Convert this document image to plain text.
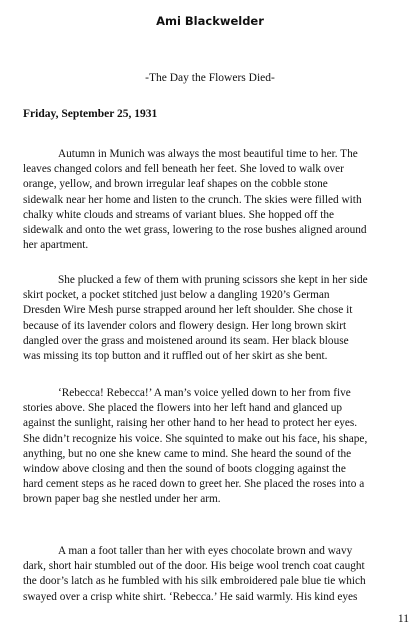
Ami Blackwelder
-The Day the Flowers Died-
Friday, September 25, 1931
Autumn in Munich was always the most beautiful time to her. The
leaves changed colors and fell beneath her feet. She loved to walk over
orange, yellow, and brown irregular leaf shapes on the cobble stone
sidewalk near her home and listen to the crunch. The skies were filled with
chalky white clouds and streams of variant blues. She hopped off the
sidewalk and onto the wet grass, lowering to the rose bushes aligned around
her apartment.
She plucked a few of them with pruning scissors she kept in her side
skirt pocket, a pocket stitched just below a dangling 1920’s German
Dresden Wire Mesh purse strapped around her left shoulder. She chose it
because of its lavender colors and flowery design. Her long brown skirt
dangled over the grass and moistened around its seam. Her black blouse
was missing its top button and it ruffled out of her skirt as she bent.
‘Rebecca! Rebecca!’ A man’s voice yelled down to her from five
stories above. She placed the flowers into her left hand and glanced up
against the sunlight, raising her other hand to her head to protect her eyes.
She didn’t recognize his voice. She squinted to make out his face, his shape,
anything, but no one she knew came to mind. She heard the sound of the
window above closing and then the sound of boots clogging against the
hard cement steps as he raced down to greet her. She placed the roses into a
brown paper bag she nestled under her arm.
A man a foot taller than her with eyes chocolate brown and wavy
dark, short hair stumbled out of the door. His beige wool trench coat caught
the door’s latch as he fumbled with his silk embroidered pale blue tie which
swayed over a crisp white shirt. ‘Rebecca.’ He said warmly. His kind eyes
11
